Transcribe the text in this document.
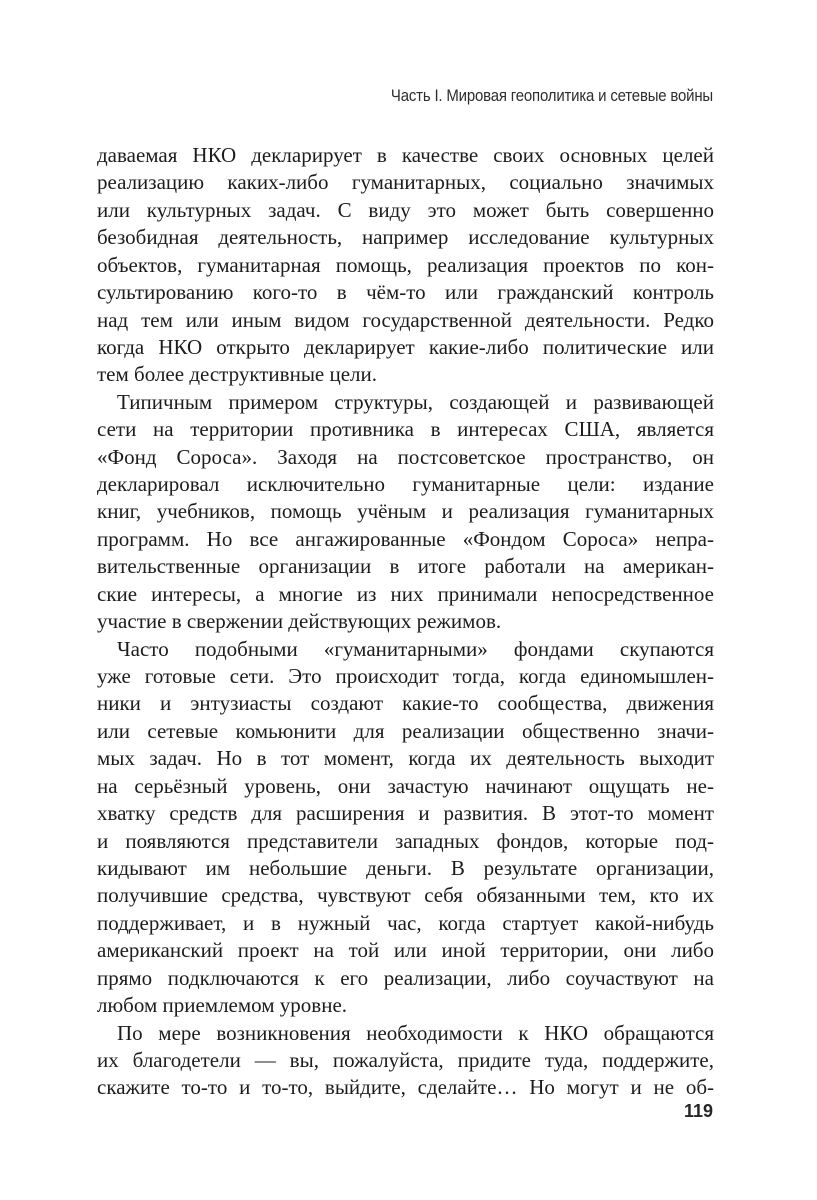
Часть I. Мировая геополитика и сетевые войны
даваемая НКО декларирует в качестве своих основных целей
реализацию каких-либо гуманитарных, социально значимых
или культурных задач. С виду это может быть совершенно
безобидная деятельность, например исследование культурных
объектов, гуманитарная помощь, реализация проектов по кон-
сультированию кого-то в чём-то или гражданский контроль
над тем или иным видом государственной деятельности. Редко
когда НКО открыто декларирует какие-либо политические или
тем более деструктивные цели.
Типичным примером структуры, создающей и развивающей
сети на территории противника в интересах США, является
«Фонд Сороса». Заходя на постсоветское пространство, он
декларировал исключительно гуманитарные цели: издание
книг, учебников, помощь учёным и реализация гуманитарных
программ. Но все ангажированные «Фондом Сороса» непра-
вительственные организации в итоге работали на американ-
ские интересы, а многие из них принимали непосредственное
участие в свержении действующих режимов.
Часто подобными «гуманитарными» фондами скупаются
уже готовые сети. Это происходит тогда, когда единомышлен-
ники и энтузиасты создают какие-то сообщества, движения
или сетевые комьюнити для реализации общественно значи-
мых задач. Но в тот момент, когда их деятельность выходит
на серьёзный уровень, они зачастую начинают ощущать не-
хватку средств для расширения и развития. В этот-то момент
и появляются представители западных фондов, которые под-
кидывают им небольшие деньги. В результате организации,
получившие средства, чувствуют себя обязанными тем, кто их
поддерживает, и в нужный час, когда стартует какой-нибудь
американский проект на той или иной территории, они либо
прямо подключаются к его реализации, либо соучаствуют на
любом приемлемом уровне.
По мере возникновения необходимости к НКО обращаются
их благодетели — вы, пожалуйста, придите туда, поддержите,
скажите то-то и то-то, выйдите, сделайте… Но могут и не об-
119
